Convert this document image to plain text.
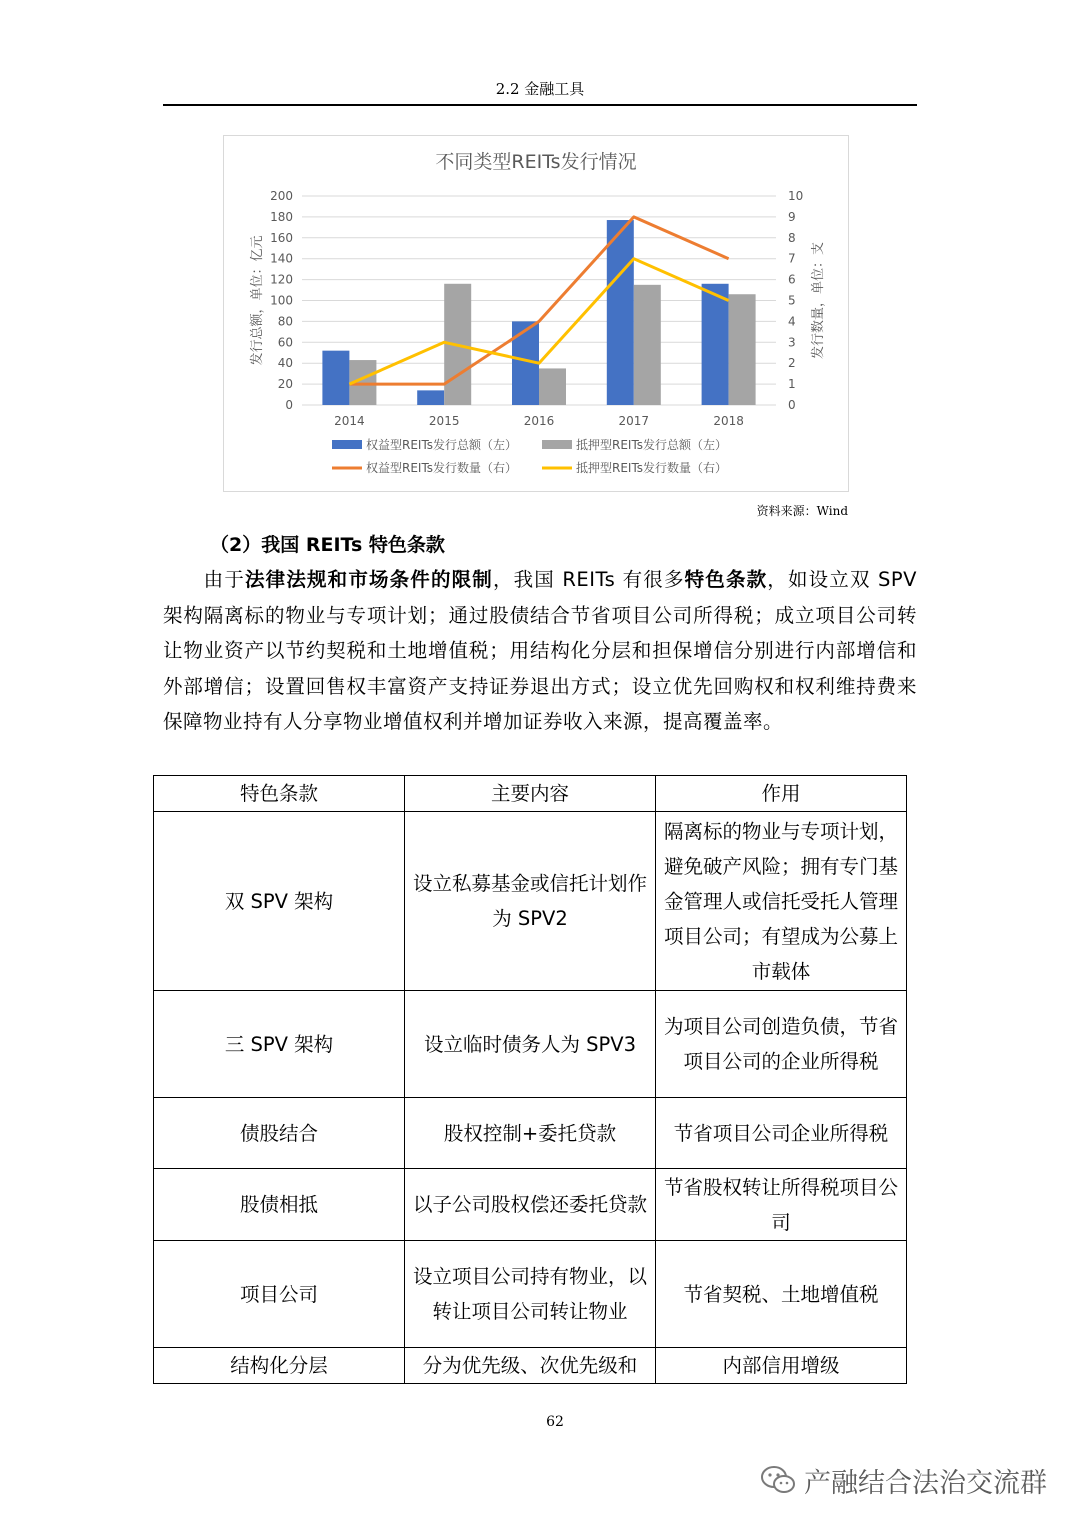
2.2 金融工具
不同类型REITs发行情况
0
20
40
60
80
100
120
140
160
180
200
0
1
2
3
4
5
6
7
8
9
10
发行总额，单位：亿元	发行数量，单位：支
2014	2015	2016	2017	2018
权益型REITs发行总额（左）	抵押型REITs发行总额（左）
权益型REITs发行数量（右）	抵押型REITs发行数量（右）
资料来源：Wind
（2）我国 REITs 特色条款
由于法律法规和市场条件的限制，我国 REITs 有很多特色条款，如设立双 SPV 架构隔离标的物业与专项计划；通过股债结合节省项目公司所得税；成立项目公司转让物业资产以节约契税和土地增值税；用结构化分层和担保增信分别进行内部增信和外部增信；设置回售权丰富资产支持证券退出方式；设立优先回购权和权利维持费来保障物业持有人分享物业增值权利并增加证券收入来源，提高覆盖率。
特色条款	主要内容	作用
双 SPV 架构	设立私募基金或信托计划作为 SPV2	隔离标的物业与专项计划，避免破产风险；拥有专门基金管理人或信托受托人管理项目公司；有望成为公募上市载体
三 SPV 架构	设立临时债务人为 SPV3	为项目公司创造负债，节省项目公司的企业所得税
债股结合	股权控制+委托贷款	节省项目公司企业所得税
股债相抵	以子公司股权偿还委托贷款	节省股权转让所得税项目公司
项目公司	设立项目公司持有物业，以转让项目公司转让物业	节省契税、土地增值税
结构化分层	分为优先级、次优先级和	内部信用增级
62
产融结合法治交流群
